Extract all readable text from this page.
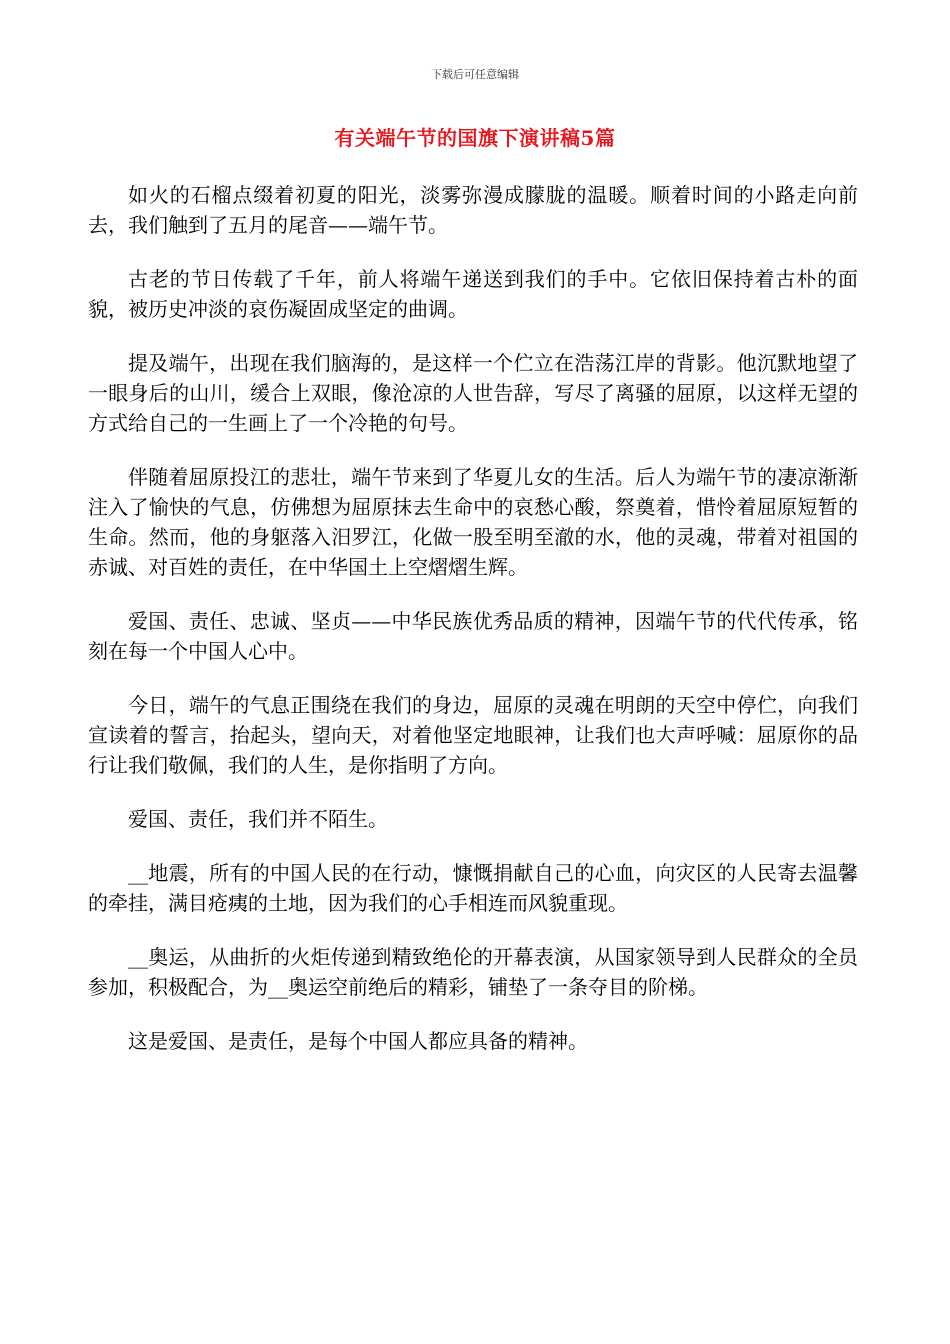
下载后可任意编辑
有关端午节的国旗下演讲稿5篇

如火的石榴点缀着初夏的阳光，淡雾弥漫成朦胧的温暖。顺着时间的小路走向前去，我们触到了五月的尾音——端午节。

古老的节日传载了千年，前人将端午递送到我们的手中。它依旧保持着古朴的面貌，被历史冲淡的哀伤凝固成坚定的曲调。

提及端午，出现在我们脑海的，是这样一个伫立在浩荡江岸的背影。他沉默地望了一眼身后的山川，缓合上双眼，像沧凉的人世告辞，写尽了离骚的屈原，以这样无望的方式给自己的一生画上了一个冷艳的句号。

伴随着屈原投江的悲壮，端午节来到了华夏儿女的生活。后人为端午节的凄凉渐渐注入了愉快的气息，仿佛想为屈原抹去生命中的哀愁心酸，祭奠着，惜怜着屈原短暂的生命。然而，他的身躯落入汨罗江，化做一股至明至澈的水，他的灵魂，带着对祖国的赤诚、对百姓的责任，在中华国土上空熠熠生辉。

爱国、责任、忠诚、坚贞——中华民族优秀品质的精神，因端午节的代代传承，铭刻在每一个中国人心中。

今日，端午的气息正围绕在我们的身边，屈原的灵魂在明朗的天空中停伫，向我们宣读着的誓言，抬起头，望向天，对着他坚定地眼神，让我们也大声呼喊：屈原你的品行让我们敬佩，我们的人生，是你指明了方向。

爱国、责任，我们并不陌生。

__地震，所有的中国人民的在行动，慷慨捐献自己的心血，向灾区的人民寄去温馨的牵挂，满目疮痍的土地，因为我们的心手相连而风貌重现。

__奥运，从曲折的火炬传递到精致绝伦的开幕表演，从国家领导到人民群众的全员参加，积极配合，为__奥运空前绝后的精彩，铺垫了一条夺目的阶梯。

这是爱国、是责任，是每个中国人都应具备的精神。
